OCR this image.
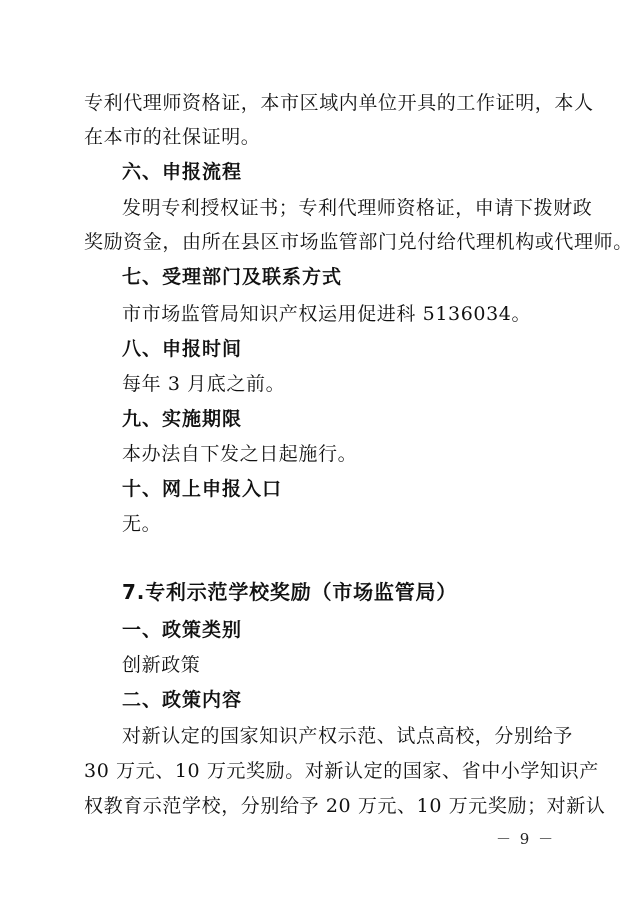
专利代理师资格证，本市区域内单位开具的工作证明，本人
在本市的社保证明。
六、申报流程
发明专利授权证书；专利代理师资格证，申请下拨财政
奖励资金，由所在县区市场监管部门兑付给代理机构或代理师。
七、受理部门及联系方式
市市场监管局知识产权运用促进科 5136034。
八、申报时间
每年 3 月底之前。
九、实施期限
本办法自下发之日起施行。
十、网上申报入口
无。
7.专利示范学校奖励（市场监管局）
一、政策类别
创新政策
二、政策内容
对新认定的国家知识产权示范、试点高校，分别给予
30 万元、10 万元奖励。对新认定的国家、省中小学知识产
权教育示范学校，分别给予 20 万元、10 万元奖励；对新认
－ 9 －
